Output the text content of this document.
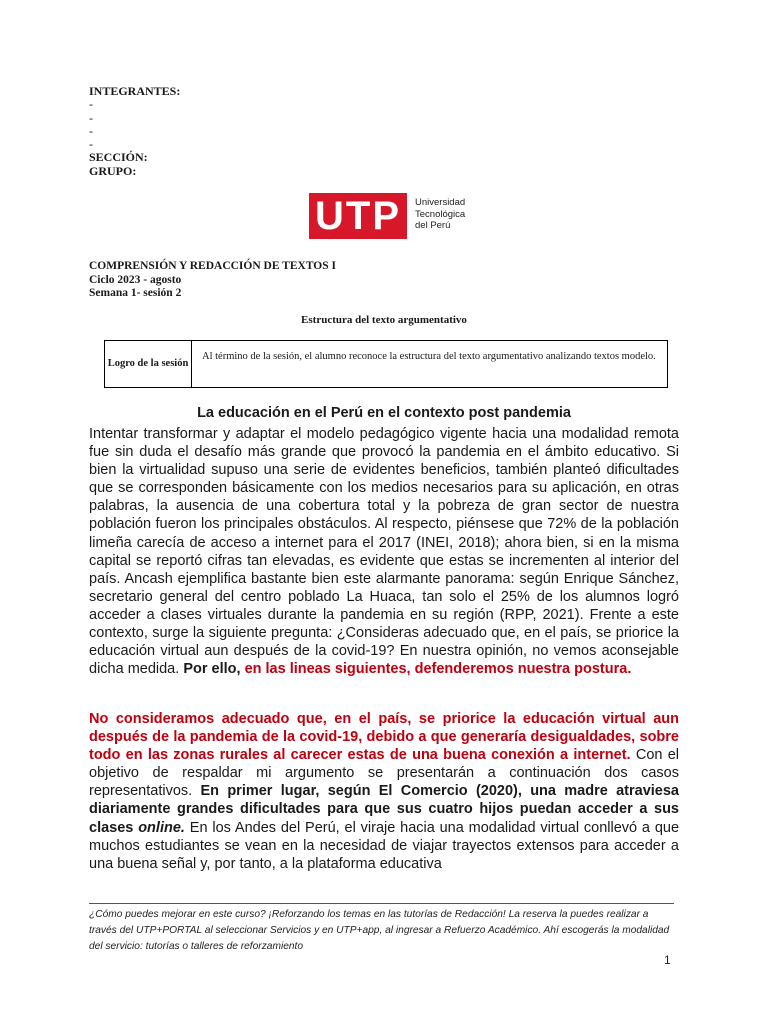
INTEGRANTES:
-
-
-
-
SECCIÓN:
GRUPO:
UTP	Universidad
Tecnológica
del Perú
COMPRENSIÓN Y REDACCIÓN DE TEXTOS I
Ciclo 2023 - agosto
Semana 1- sesión 2
Estructura del texto argumentativo
Logro de la sesión
Al término de la sesión, el alumno reconoce la estructura del texto argumentativo analizando textos modelo.
La educación en el Perú en el contexto post pandemia
Intentar transformar y adaptar el modelo pedagógico vigente hacia una modalidad remota fue sin duda el desafío más grande que provocó la pandemia en el ámbito educativo. Si bien la virtualidad supuso una serie de evidentes beneficios, también planteó dificultades que se corresponden básicamente con los medios necesarios para su aplicación, en otras palabras, la ausencia de una cobertura total y la pobreza de gran sector de nuestra población fueron los principales obstáculos. Al respecto, piénsese que 72% de la población limeña carecía de acceso a internet para el 2017 (INEI, 2018); ahora bien, si en la misma capital se reportó cifras tan elevadas, es evidente que estas se incrementen al interior del país. Ancash ejemplifica bastante bien este alarmante panorama: según Enrique Sánchez, secretario general del centro poblado La Huaca, tan solo el 25% de los alumnos logró acceder a clases virtuales durante la pandemia en su región (RPP, 2021). Frente a este contexto, surge la siguiente pregunta: ¿Consideras adecuado que, en el país, se priorice la educación virtual aun después de la covid-19? En nuestra opinión, no vemos aconsejable dicha medida. Por ello, en las lineas siguientes, defenderemos nuestra postura.
No consideramos adecuado que, en el país, se priorice la educación virtual aun después de la pandemia de la covid-19, debido a que generaría desigualdades, sobre todo en las zonas rurales al carecer estas de una buena conexión a internet. Con el objetivo de respaldar mi argumento se presentarán a continuación dos casos representativos. En primer lugar, según El Comercio (2020), una madre atraviesa diariamente grandes dificultades para que sus cuatro hijos puedan acceder a sus clases online. En los Andes del Perú, el viraje hacia una modalidad virtual conllevó a que muchos estudiantes se vean en la necesidad de viajar trayectos extensos para acceder a una buena señal y, por tanto, a la plataforma educativa
¿Cómo puedes mejorar en este curso? ¡Reforzando los temas en las tutorías de Redacción! La reserva la puedes realizar a través del UTP+PORTAL al seleccionar Servicios y en UTP+app, al ingresar a Refuerzo Académico. Ahí escogerás la modalidad del servicio: tutorías o talleres de reforzamiento
1
